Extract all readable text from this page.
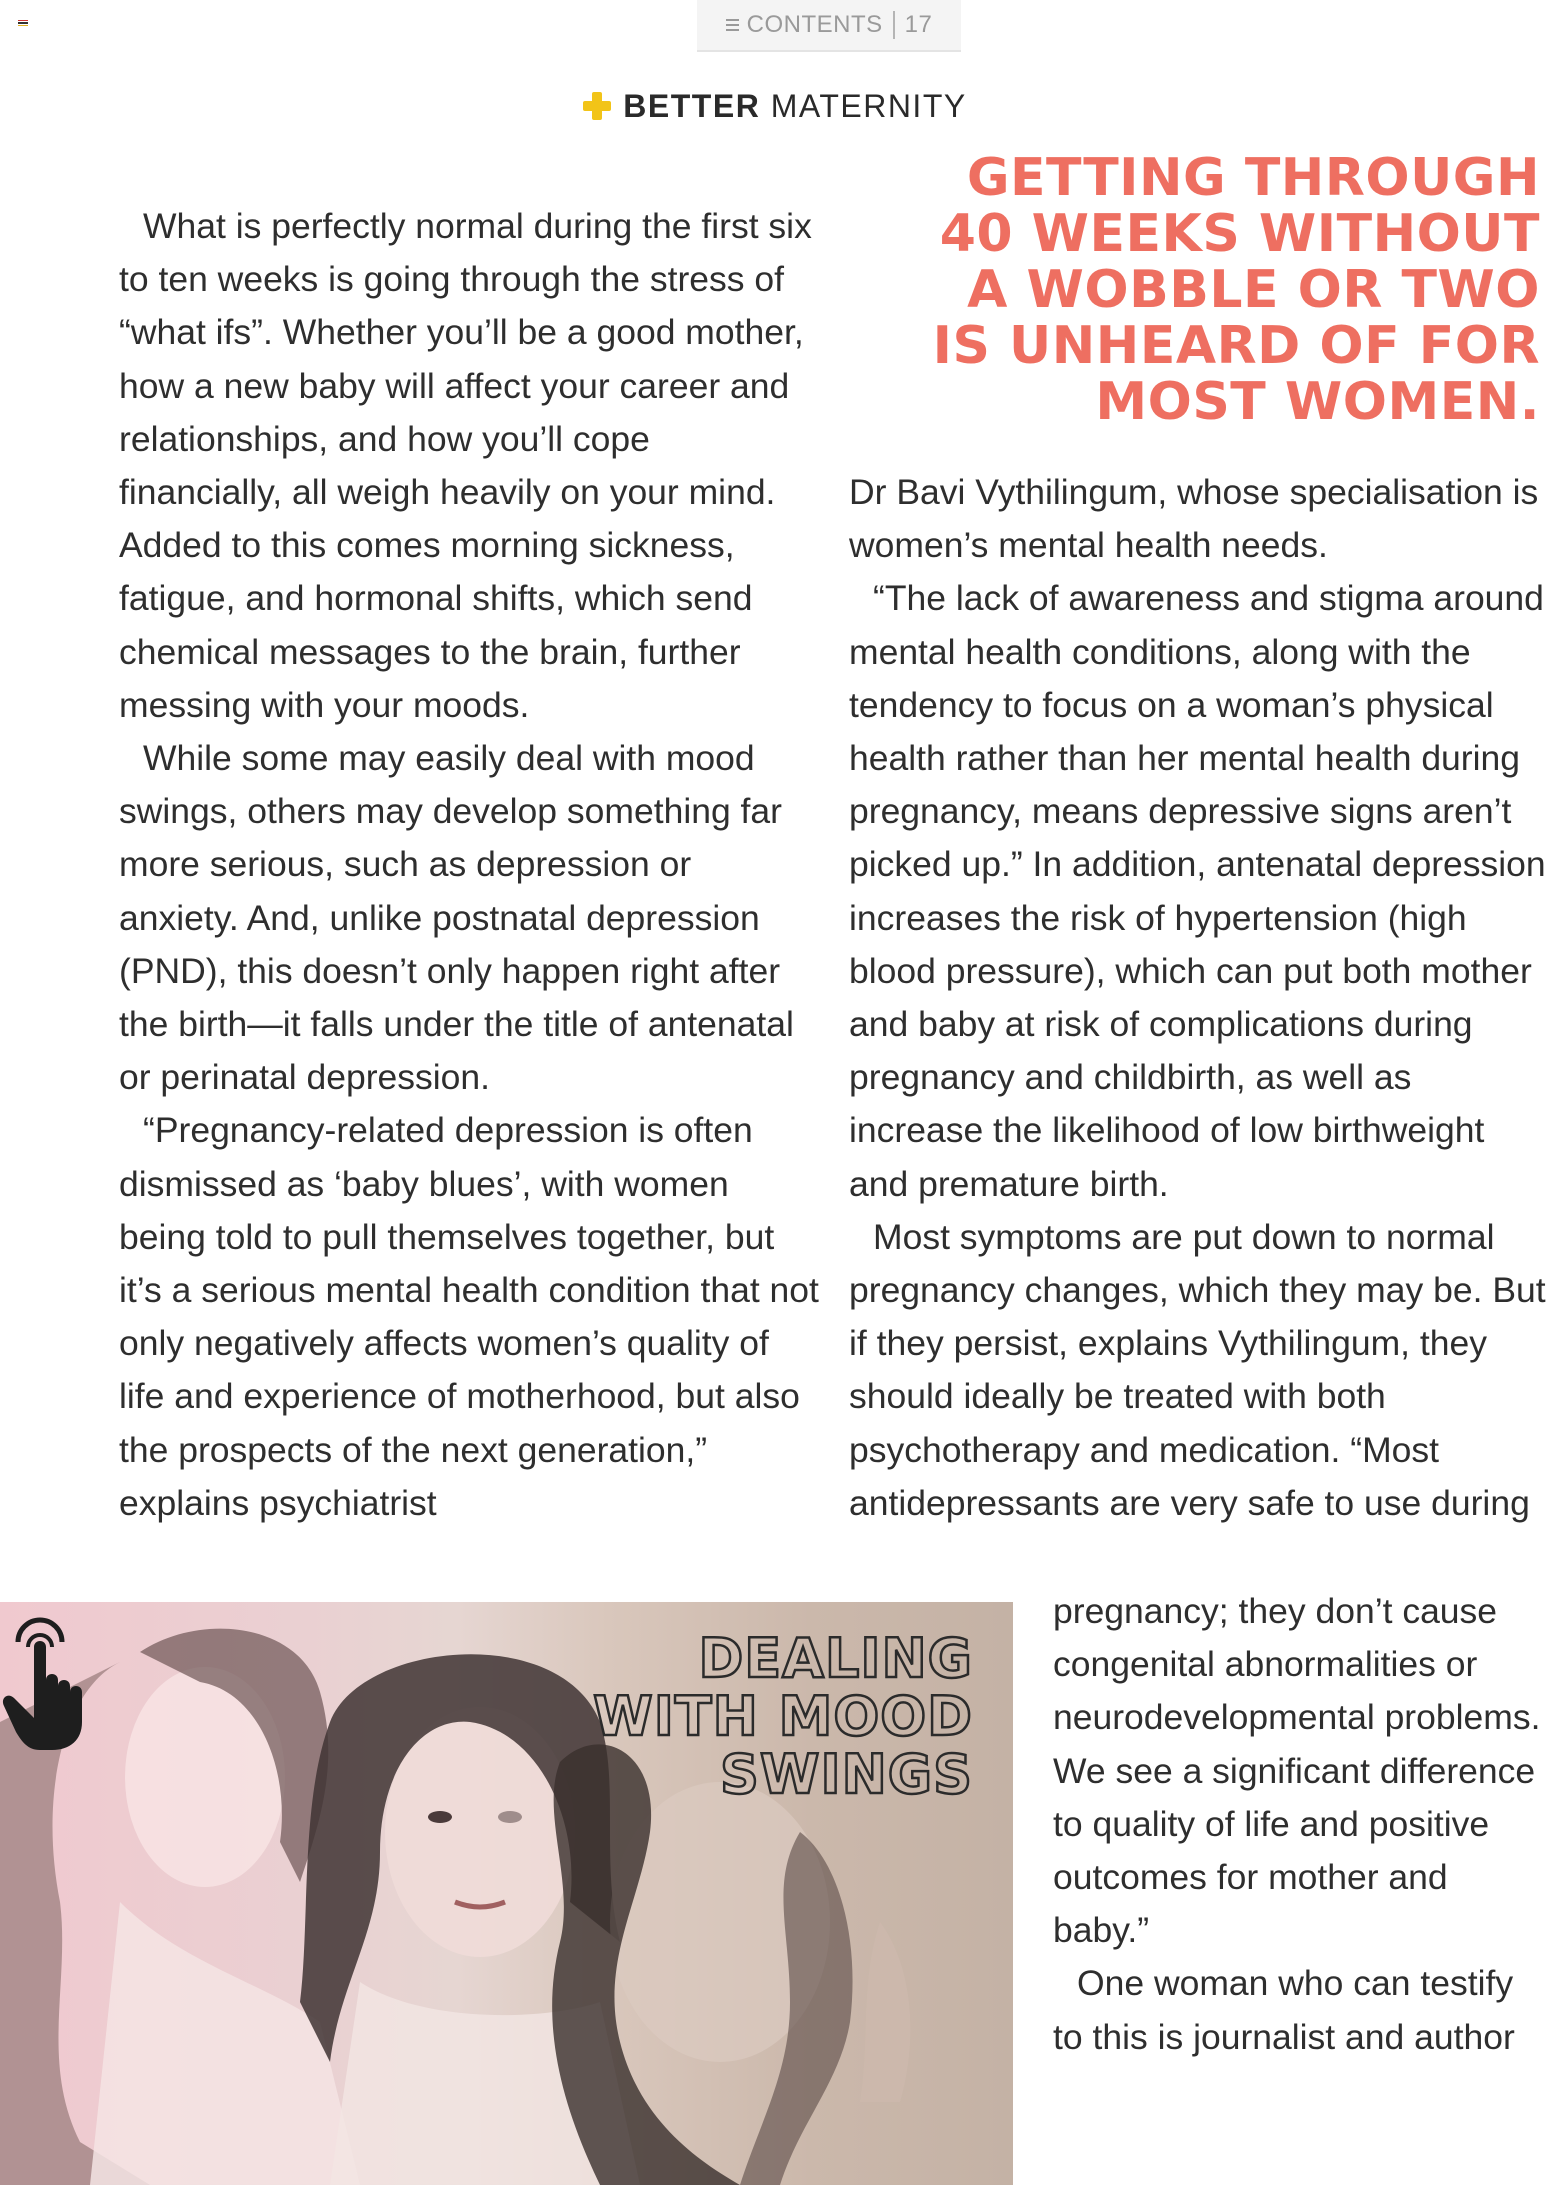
CONTENTS 17
BETTER MATERNITY
GETTING THROUGH
40 WEEKS WITHOUT
A WOBBLE OR TWO
IS UNHEARD OF FOR
MOST WOMEN.

What is perfectly normal during the first six to ten weeks is going through the stress of “what ifs”. Whether you’ll be a good mother, how a new baby will affect your career and relationships, and how you’ll cope financially, all weigh heavily on your mind. Added to this comes morning sickness, fatigue, and hormonal shifts, which send chemical messages to the brain, further messing with your moods.

While some may easily deal with mood swings, others may develop something far more serious, such as depression or anxiety. And, unlike postnatal depression (PND), this doesn’t only happen right after the birth—it falls under the title of antenatal or perinatal depression.

“Pregnancy-related depression is often dismissed as ‘baby blues’, with women being told to pull themselves together, but it’s a serious mental health condition that not only negatively affects women’s quality of life and experience of motherhood, but also the prospects of the next generation,” explains psychiatrist

Dr Bavi Vythilingum, whose specialisation is women’s mental health needs.

“The lack of awareness and stigma around mental health conditions, along with the tendency to focus on a woman’s physical health rather than her mental health during pregnancy, means depressive signs aren’t picked up.” In addition, antenatal depression increases the risk of hypertension (high blood pressure), which can put both mother and baby at risk of complications during pregnancy and childbirth, as well as increase the likelihood of low birthweight and premature birth.

Most symptoms are put down to normal pregnancy changes, which they may be. But if they persist, explains Vythilingum, they should ideally be treated with both psychotherapy and medication. “Most antidepressants are very safe to use during

pregnancy; they don’t cause congenital abnormalities or neurodevelopmental problems. We see a significant difference to quality of life and positive outcomes for mother and baby.”

One woman who can testify to this is journalist and author

DEALING
WITH MOOD
SWINGS
